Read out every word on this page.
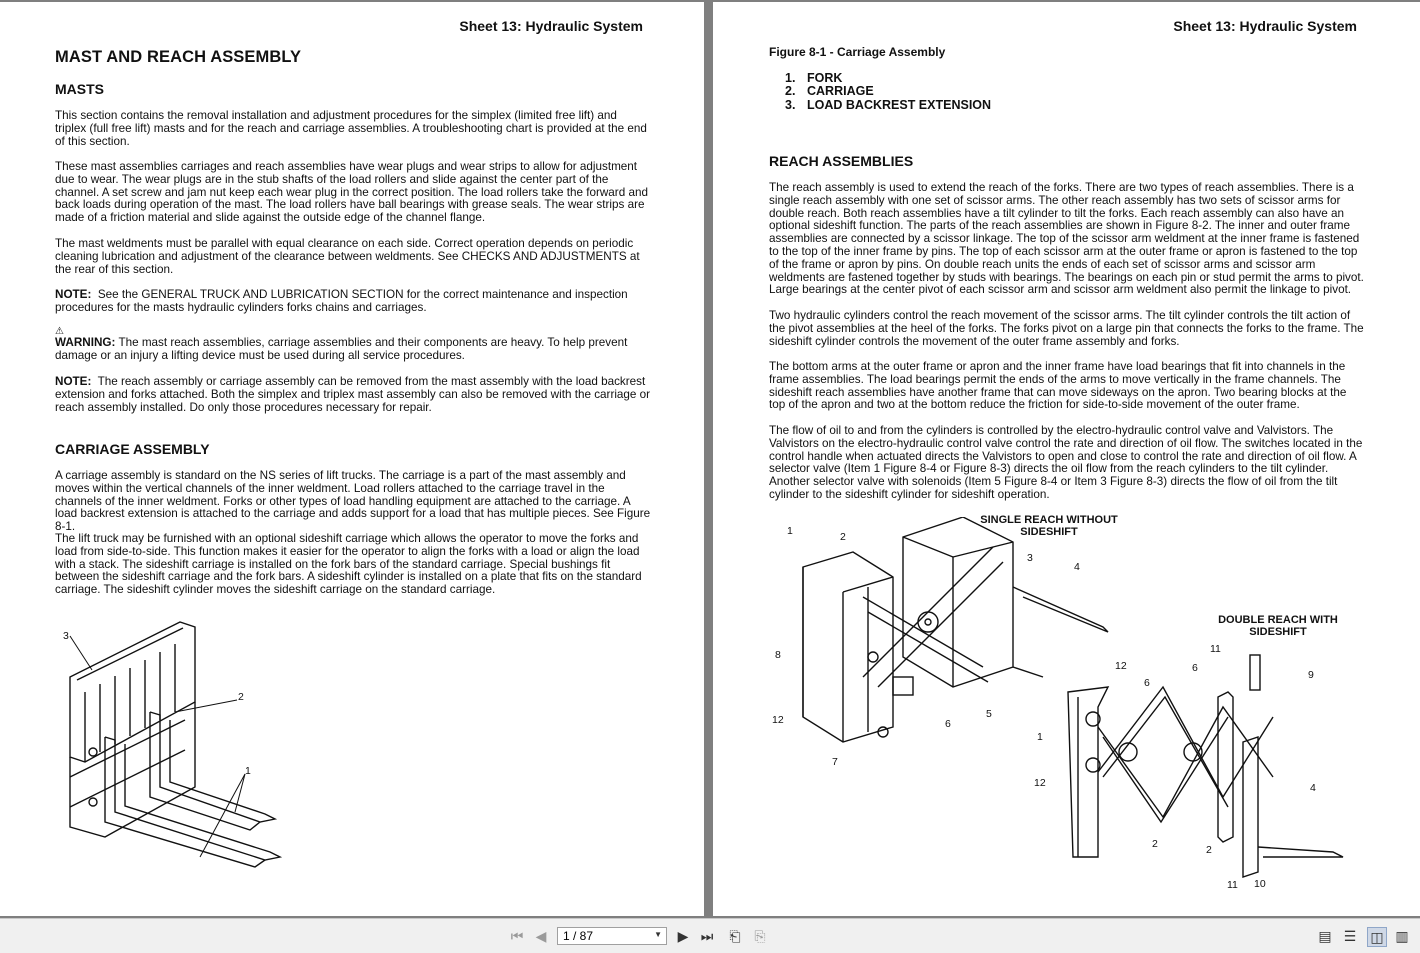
Sheet 13: Hydraulic System
MAST AND REACH ASSEMBLY
MASTS

This section contains the removal installation and adjustment procedures for the simplex (limited free lift) and triplex (full free lift) masts and for the reach and carriage assemblies. A troubleshooting chart is provided at the end of this section.

These mast assemblies carriages and reach assemblies have wear plugs and wear strips to allow for adjustment due to wear. The wear plugs are in the stub shafts of the load rollers and slide against the center part of the channel. A set screw and jam nut keep each wear plug in the correct position. The load rollers take the forward and back loads during operation of the mast. The load rollers have ball bearings with grease seals. The wear strips are made of a friction material and slide against the outside edge of the channel flange.

The mast weldments must be parallel with equal clearance on each side. Correct operation depends on periodic cleaning lubrication and adjustment of the clearance between weldments. See CHECKS AND ADJUSTMENTS at the rear of this section.

NOTE: See the GENERAL TRUCK AND LUBRICATION SECTION for the correct maintenance and inspection procedures for the masts hydraulic cylinders forks chains and carriages.

⚠

WARNING: The mast reach assemblies, carriage assemblies and their components are heavy. To help prevent damage or an injury a lifting device must be used during all service procedures.

NOTE: The reach assembly or carriage assembly can be removed from the mast assembly with the load backrest extension and forks attached. Both the simplex and triplex mast assembly can also be removed with the carriage or reach assembly installed. Do only those procedures necessary for repair.

CARRIAGE ASSEMBLY

A carriage assembly is standard on the NS series of lift trucks. The carriage is a part of the mast assembly and moves within the vertical channels of the inner weldment. Load rollers attached to the carriage travel in the channels of the inner weldment. Forks or other types of load handling equipment are attached to the carriage. A load backrest extension is attached to the carriage and adds support for a load that has multiple pieces. See Figure 8-1.

The lift truck may be furnished with an optional sideshift carriage which allows the operator to move the forks and load from side-to-side. This function makes it easier for the operator to align the forks with a load or align the load with a stack. The sideshift carriage is installed on the fork bars of the standard carriage. Special bushings fit between the sideshift carriage and the fork bars. A sideshift cylinder is installed on a plate that fits on the standard carriage. The sideshift cylinder moves the sideshift carriage on the standard carriage.

3
2
1
Sheet 13: Hydraulic System
Figure 8-1 - Carriage Assembly
1. FORK
2. CARRIAGE
3. LOAD BACKREST EXTENSION
REACH ASSEMBLIES

The reach assembly is used to extend the reach of the forks. There are two types of reach assemblies. There is a single reach assembly with one set of scissor arms. The other reach assembly has two sets of scissor arms for double reach. Both reach assemblies have a tilt cylinder to tilt the forks. Each reach assembly can also have an optional sideshift function. The parts of the reach assemblies are shown in Figure 8-2. The inner and outer frame assemblies are connected by a scissor linkage. The top of the scissor arm weldment at the inner frame is fastened to the top of the inner frame by pins. The top of each scissor arm at the outer frame or apron is fastened to the top of the frame or apron by pins. On double reach units the ends of each set of scissor arms and scissor arm weldments are fastened together by studs with bearings. The bearings on each pin or stud permit the arms to pivot. Large bearings at the center pivot of each scissor arm and scissor arm weldment also permit the linkage to pivot.

Two hydraulic cylinders control the reach movement of the scissor arms. The tilt cylinder controls the tilt action of the pivot assemblies at the heel of the forks. The forks pivot on a large pin that connects the forks to the frame. The sideshift cylinder controls the movement of the outer frame assembly and forks.

The bottom arms at the outer frame or apron and the inner frame have load bearings that fit into channels in the frame assemblies. The load bearings permit the ends of the arms to move vertically in the frame channels. The sideshift reach assemblies have another frame that can move sideways on the apron. Two bearing blocks at the top of the apron and two at the bottom reduce the friction for side-to-side movement of the outer frame.

The flow of oil to and from the cylinders is controlled by the electro-hydraulic control valve and Valvistors. The Valvistors on the electro-hydraulic control valve control the rate and direction of oil flow. The switches located in the control handle when actuated directs the Valvistors to open and close to control the rate and direction of oil flow. A selector valve (Item 1 Figure 8-4 or Figure 8-3) directs the oil flow from the reach cylinders to the tilt cylinder. Another selector valve with solenoids (Item 5 Figure 8-4 or Item 3 Figure 8-3) directs the flow of oil from the tilt cylinder to the sideshift cylinder for sideshift operation.

SINGLE REACH WITHOUT SIDESHIFT
DOUBLE REACH WITH SIDESHIFT
1	2
3
4
8
12
7
6
5
12
6
6
11
9
1
12
2	2
4
11 10
⏮ ◀	1 / 87	▼ ▶ ⏭ ⎗ ⎘	▤ ☰ ◫ ▥
